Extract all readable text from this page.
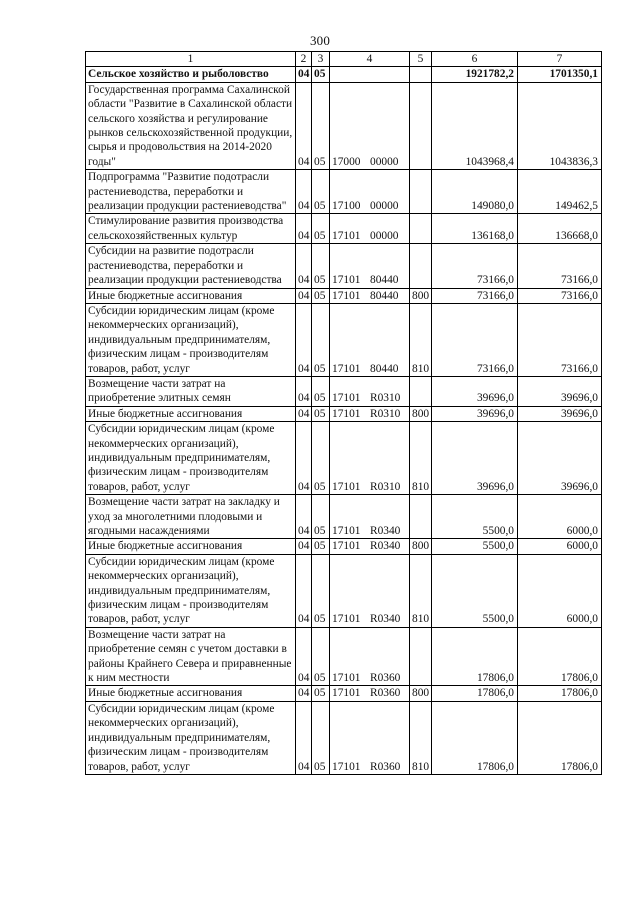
300
1	2	3	4	5	6	7
Сельское хозяйство и рыболовство	04	05			1921782,2	1701350,1
Государственная программа Сахалинской области "Развитие в Сахалинской области сельского хозяйства и регулирование рынков сельскохозяйственной продукции, сырья и продовольствия на 2014-2020 годы"	04	05	17000 00000		1043968,4	1043836,3
Подпрограмма "Развитие подотрасли растениеводства, переработки и реализации продукции растениеводства"	04	05	17100 00000		149080,0	149462,5
Стимулирование развития производства сельскохозяйственных культур	04	05	17101 00000		136168,0	136668,0
Субсидии на развитие подотрасли растениеводства, переработки и реализации продукции растениеводства	04	05	17101 80440		73166,0	73166,0
Иные бюджетные ассигнования	04	05	17101 80440	800	73166,0	73166,0
Субсидии юридическим лицам (кроме некоммерческих организаций), индивидуальным предпринимателям, физическим лицам - производителям товаров, работ, услуг	04	05	17101 80440	810	73166,0	73166,0
Возмещение части затрат на приобретение элитных семян	04	05	17101 R0310		39696,0	39696,0
Иные бюджетные ассигнования	04	05	17101 R0310	800	39696,0	39696,0
Субсидии юридическим лицам (кроме некоммерческих организаций), индивидуальным предпринимателям, физическим лицам - производителям товаров, работ, услуг	04	05	17101 R0310	810	39696,0	39696,0
Возмещение части затрат на закладку и уход за многолетними плодовыми и ягодными насаждениями	04	05	17101 R0340		5500,0	6000,0
Иные бюджетные ассигнования	04	05	17101 R0340	800	5500,0	6000,0
Субсидии юридическим лицам (кроме некоммерческих организаций), индивидуальным предпринимателям, физическим лицам - производителям товаров, работ, услуг	04	05	17101 R0340	810	5500,0	6000,0
Возмещение части затрат на приобретение семян с учетом доставки в районы Крайнего Севера и приравненные к ним местности	04	05	17101 R0360		17806,0	17806,0
Иные бюджетные ассигнования	04	05	17101 R0360	800	17806,0	17806,0
Субсидии юридическим лицам (кроме некоммерческих организаций), индивидуальным предпринимателям, физическим лицам - производителям товаров, работ, услуг	04	05	17101 R0360	810	17806,0	17806,0
